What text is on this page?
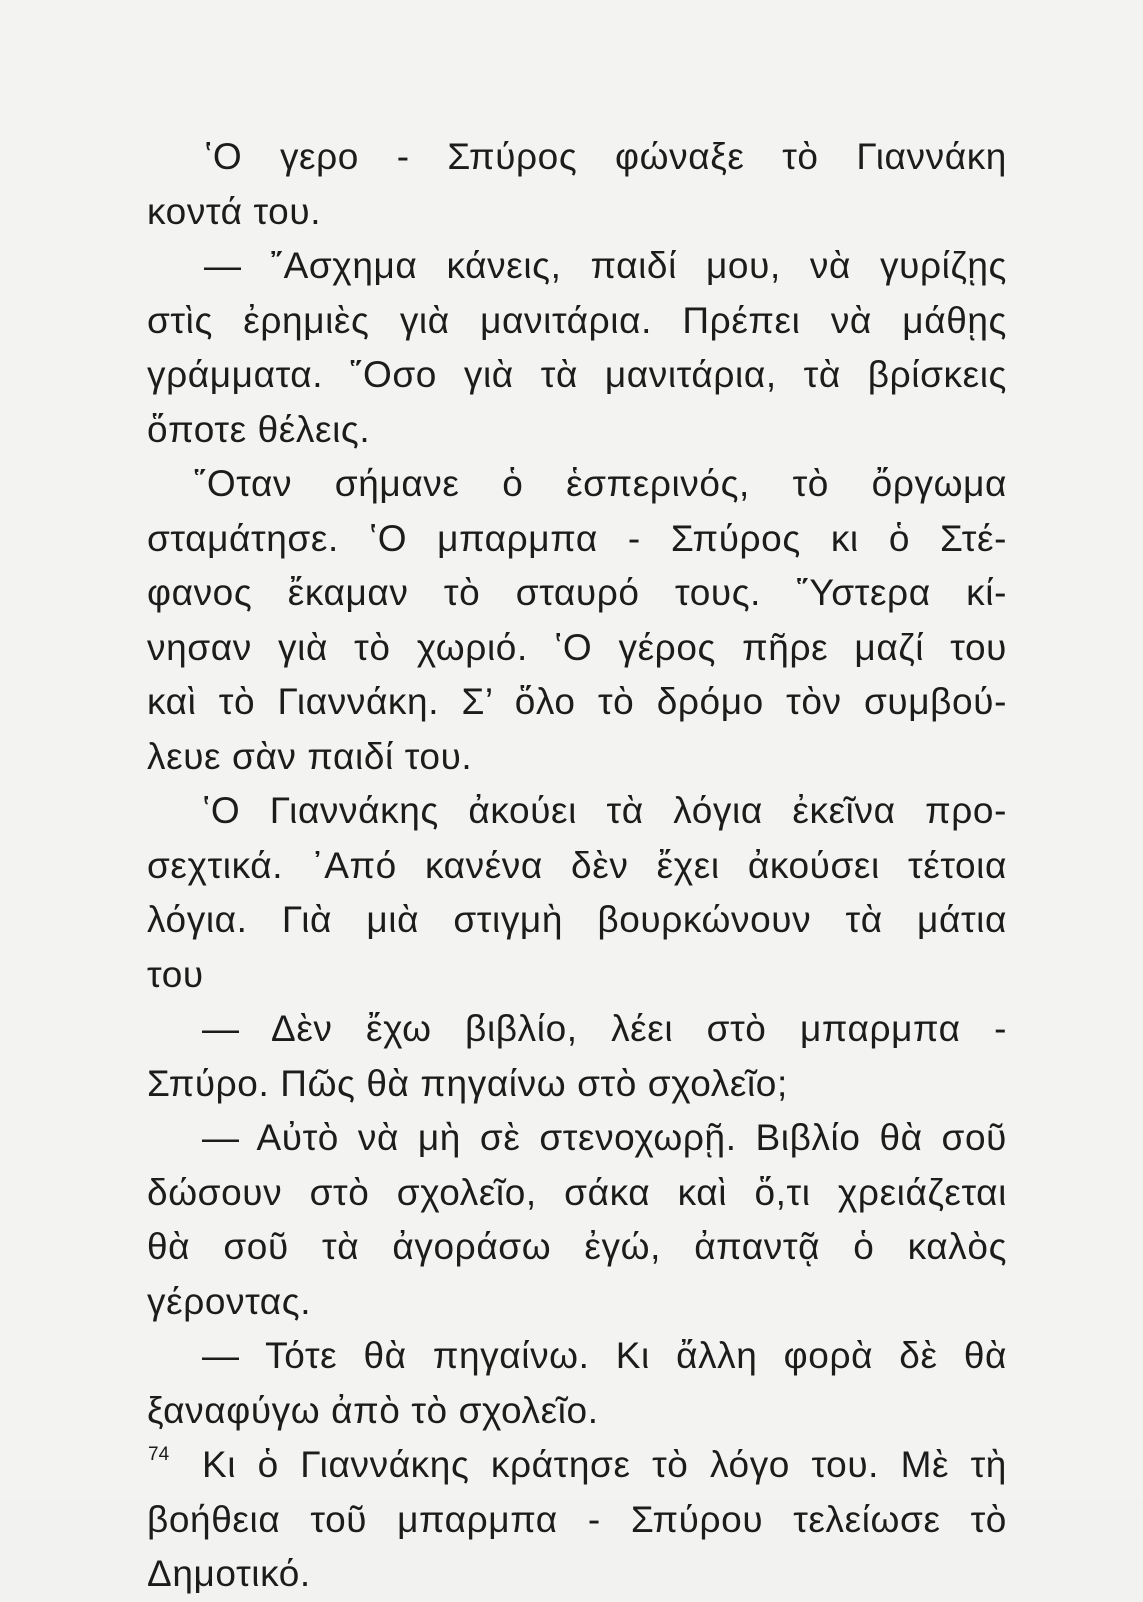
ʽΟ γερο - Σπύρος φώναξε τὸ Γιαννάκη
κοντά του.
— ῎Ασχημα κάνεις, παιδί μου, νὰ γυρίζῃς
στὶς ἐρημιὲς γιὰ μανιτάρια. Πρέπει νὰ μάθῃς
γράμματα. ῞Οσο γιὰ τὰ μανιτάρια, τὰ βρίσκεις
ὅποτε θέλεις.
῞Οταν σήμανε ὁ ἑσπερινός, τὸ ὄργωμα
σταμάτησε. ʽΟ μπαρμπα - Σπύρος κι ὁ Στέ-
φανος ἔκαμαν τὸ σταυρό τους. ῞Υστερα κί-
νησαν γιὰ τὸ χωριό. ʽΟ γέρος πῆρε μαζί του
καὶ τὸ Γιαννάκη. Σ’ ὅλο τὸ δρόμο τὸν συμβού-
λευε σὰν παιδί του.
ʽΟ Γιαννάκης ἀκούει τὰ λόγια ἐκεῖνα προ-
σεχτικά. ᾿Από κανένα δὲν ἔχει ἀκούσει τέτοια
λόγια. Γιὰ μιὰ στιγμὴ βουρκώνουν τὰ μάτια
του
— Δὲν ἔχω βιβλίο, λέει στὸ μπαρμπα -
Σπύρο. Πῶς θὰ πηγαίνω στὸ σχολεῖο;
— Αὐτὸ νὰ μὴ σὲ στενοχωρῇ. Βιβλίο θὰ σοῦ
δώσουν στὸ σχολεῖο, σάκα καὶ ὅ,τι χρειάζεται
θὰ σοῦ τὰ ἀγοράσω ἐγώ, ἀπαντᾷ ὁ καλὸς
γέροντας.
— Τότε θὰ πηγαίνω. Κι ἄλλη φορὰ δὲ θὰ
ξαναφύγω ἀπὸ τὸ σχολεῖο.
Κι ὁ Γιαννάκης κράτησε τὸ λόγο του. Μὲ τὴ
βοήθεια τοῦ μπαρμπα - Σπύρου τελείωσε τὸ
Δημοτικό.
74
